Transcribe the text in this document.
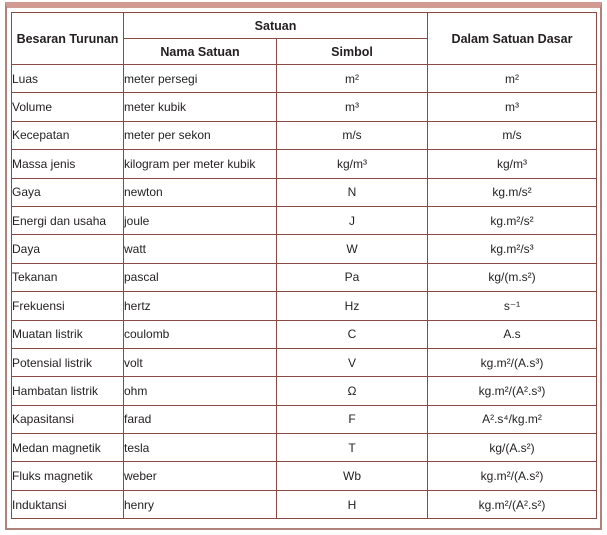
Besaran Turunan	Satuan		Dalam Satuan Dasar
	Nama Satuan	Simbol	
Luas	meter persegi	m²	m²
Volume	meter kubik	m³	m³
Kecepatan	meter per sekon	m/s	m/s
Massa jenis	kilogram per meter kubik	kg/m³	kg/m³
Gaya	newton	N	kg.m/s²
Energi dan usaha	joule	J	kg.m²/s²
Daya	watt	W	kg.m²/s³
Tekanan	pascal	Pa	kg/(m.s²)
Frekuensi	hertz	Hz	s⁻¹
Muatan listrik	coulomb	C	A.s
Potensial listrik	volt	V	kg.m²/(A.s³)
Hambatan listrik	ohm	Ω	kg.m²/(A².s³)
Kapasitansi	farad	F	A².s⁴/kg.m²
Medan magnetik	tesla	T	kg/(A.s²)
Fluks magnetik	weber	Wb	kg.m²/(A.s²)
Induktansi	henry	H	kg.m²/(A².s²)
